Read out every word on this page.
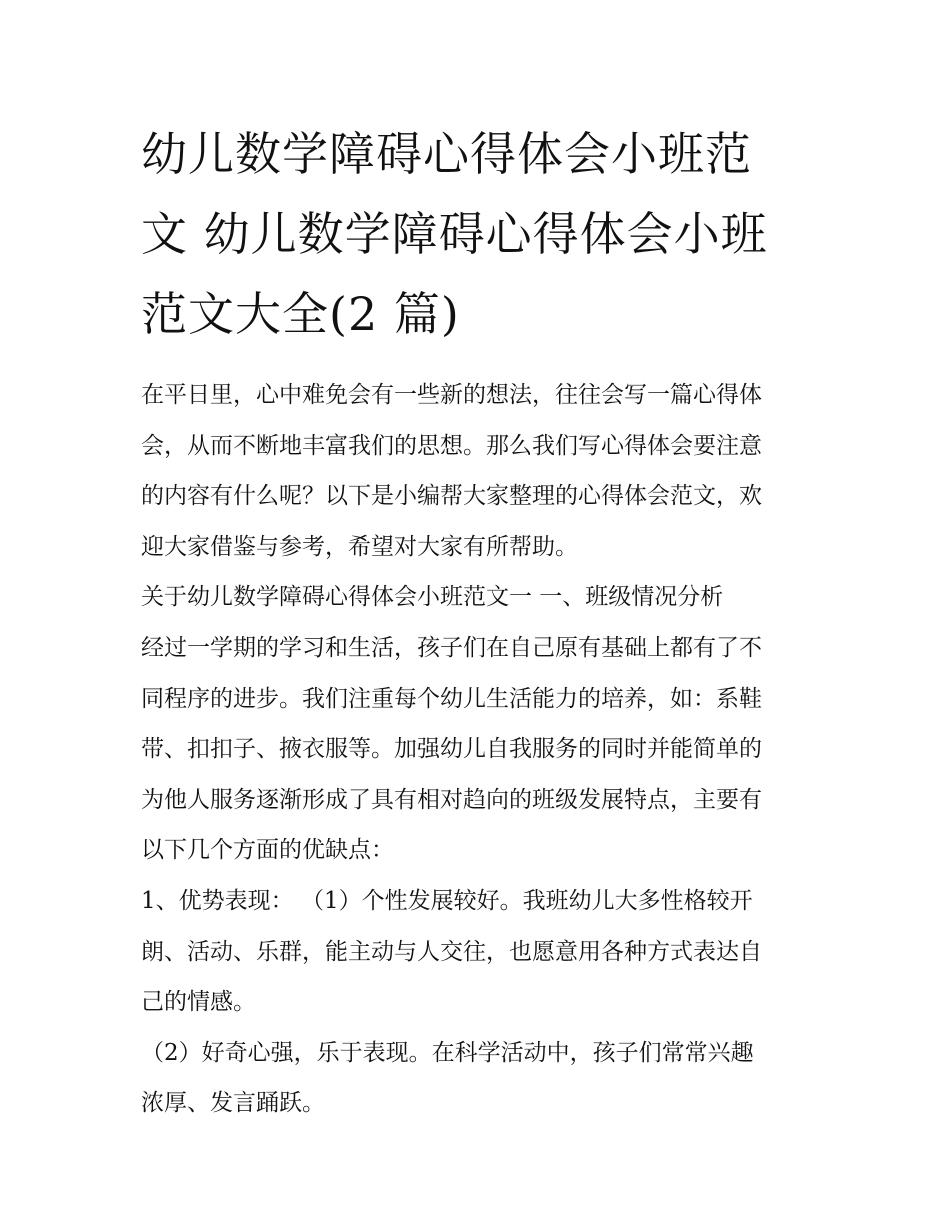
幼儿数学障碍心得体会小班范
文 幼儿数学障碍心得体会小班
范文大全(2 篇)

在平日里，心中难免会有一些新的想法，往往会写一篇心得体
会，从而不断地丰富我们的思想。那么我们写心得体会要注意
的内容有什么呢？以下是小编帮大家整理的心得体会范文，欢
迎大家借鉴与参考，希望对大家有所帮助。

关于幼儿数学障碍心得体会小班范文一 一、班级情况分析

经过一学期的学习和生活，孩子们在自己原有基础上都有了不
同程序的进步。我们注重每个幼儿生活能力的培养，如：系鞋
带、扣扣子、掖衣服等。加强幼儿自我服务的同时并能简单的
为他人服务逐渐形成了具有相对趋向的班级发展特点，主要有
以下几个方面的优缺点：

1、优势表现： （1）个性发展较好。我班幼儿大多性格较开
朗、活动、乐群，能主动与人交往，也愿意用各种方式表达自
己的情感。

（2）好奇心强，乐于表现。在科学活动中，孩子们常常兴趣
浓厚、发言踊跃。
